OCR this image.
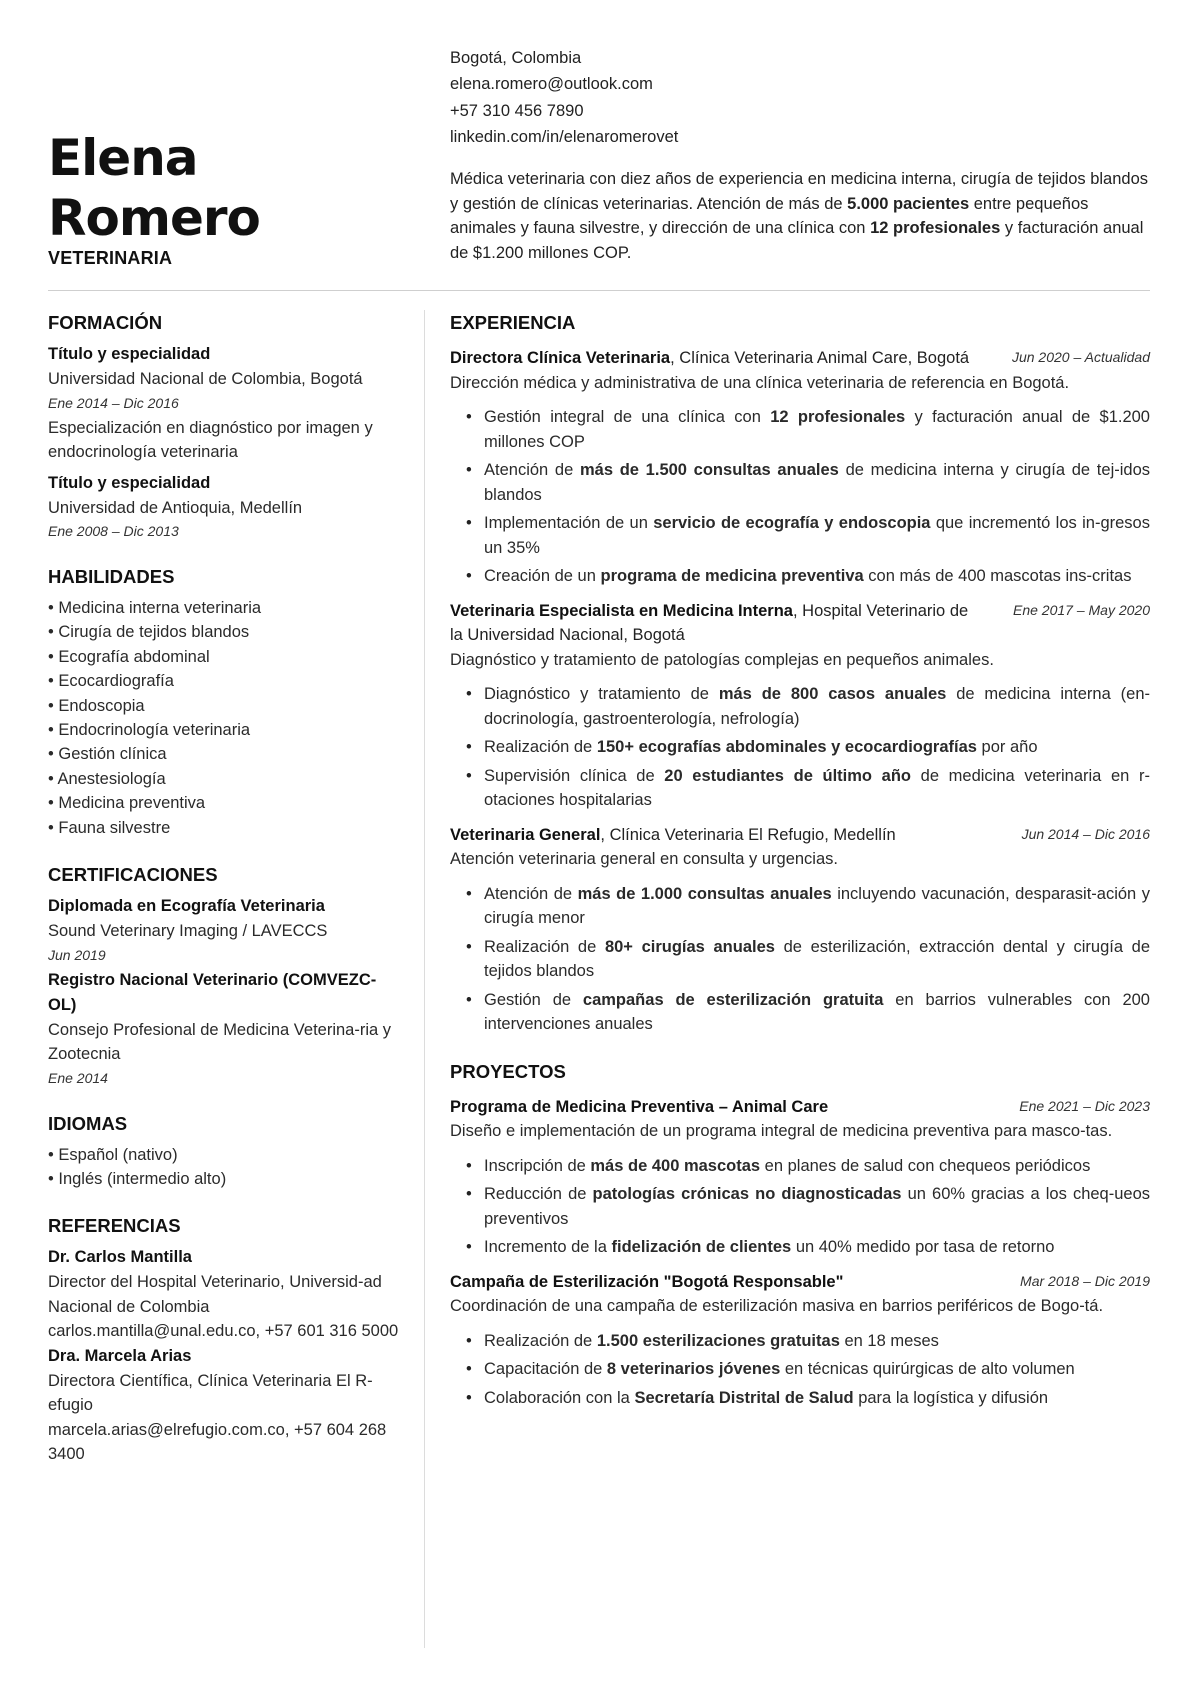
Elena
Romero
VETERINARIA
Bogotá, Colombia
elena.romero@outlook.com
+57 310 456 7890
linkedin.com/in/elenaromerovet

Médica veterinaria con diez años de experiencia en medicina interna, cirugía de tejidos blandos y gestión de clínicas veterinarias. Atención de más de 5.000 pacientes entre pequeños animales y fauna silvestre, y dirección de una clínica con 12 profesionales y facturación anual de $1.200 millones COP.

FORMACIÓN
Título y especialidad
Universidad Nacional de Colombia, Bogotá
Ene 2014 – Dic 2016
Especialización en diagnóstico por imagen y endocrinología veterinaria
Título y especialidad
Universidad de Antioquia, Medellín
Ene 2008 – Dic 2013
HABILIDADES
• Medicina interna veterinaria
• Cirugía de tejidos blandos
• Ecografía abdominal
• Ecocardiografía
• Endoscopia
• Endocrinología veterinaria
• Gestión clínica
• Anestesiología
• Medicina preventiva
• Fauna silvestre
CERTIFICACIONES
Diplomada en Ecografía Veterinaria
Sound Veterinary Imaging / LAVECCS
Jun 2019
Registro Nacional Veterinario (COMVEZC-OL)
Consejo Profesional de Medicina Veterina-ria y Zootecnia
Ene 2014
IDIOMAS
• Español (nativo)
• Inglés (intermedio alto)
REFERENCIAS
Dr. Carlos Mantilla
Director del Hospital Veterinario, Universid-ad Nacional de Colombia
carlos.mantilla@unal.edu.co, +57 601 316 5000
Dra. Marcela Arias
Directora Científica, Clínica Veterinaria El R-efugio
marcela.arias@elrefugio.com.co, +57 604 268 3400
EXPERIENCIA
Directora Clínica Veterinaria, Clínica Veterinaria Animal Care, Bogotá	Jun 2020 – Actualidad
Dirección médica y administrativa de una clínica veterinaria de referencia en Bogotá.
• Gestión integral de una clínica con 12 profesionales y facturación anual de $1.200 millones COP
• Atención de más de 1.500 consultas anuales de medicina interna y cirugía de tej-idos blandos
• Implementación de un servicio de ecografía y endoscopia que incrementó los in-gresos un 35%
• Creación de un programa de medicina preventiva con más de 400 mascotas ins-critas
Veterinaria Especialista en Medicina Interna, Hospital Veterinario de la Universidad Nacional, Bogotá
Ene 2017 – May 2020
Diagnóstico y tratamiento de patologías complejas en pequeños animales.
• Diagnóstico y tratamiento de más de 800 casos anuales de medicina interna (en-docrinología, gastroenterología, nefrología)
• Realización de 150+ ecografías abdominales y ecocardiografías por año
• Supervisión clínica de 20 estudiantes de último año de medicina veterinaria en r-otaciones hospitalarias
Veterinaria General, Clínica Veterinaria El Refugio, Medellín	Jun 2014 – Dic 2016
Atención veterinaria general en consulta y urgencias.
• Atención de más de 1.000 consultas anuales incluyendo vacunación, desparasit-ación y cirugía menor
• Realización de 80+ cirugías anuales de esterilización, extracción dental y cirugía de tejidos blandos
• Gestión de campañas de esterilización gratuita en barrios vulnerables con 200 intervenciones anuales
PROYECTOS
Programa de Medicina Preventiva – Animal Care	Ene 2021 – Dic 2023
Diseño e implementación de un programa integral de medicina preventiva para masco-tas.
• Inscripción de más de 400 mascotas en planes de salud con chequeos periódicos
• Reducción de patologías crónicas no diagnosticadas un 60% gracias a los cheq-ueos preventivos
• Incremento de la fidelización de clientes un 40% medido por tasa de retorno
Campaña de Esterilización "Bogotá Responsable"	Mar 2018 – Dic 2019
Coordinación de una campaña de esterilización masiva en barrios periféricos de Bogo-tá.
• Realización de 1.500 esterilizaciones gratuitas en 18 meses
• Capacitación de 8 veterinarios jóvenes en técnicas quirúrgicas de alto volumen
• Colaboración con la Secretaría Distrital de Salud para la logística y difusión
